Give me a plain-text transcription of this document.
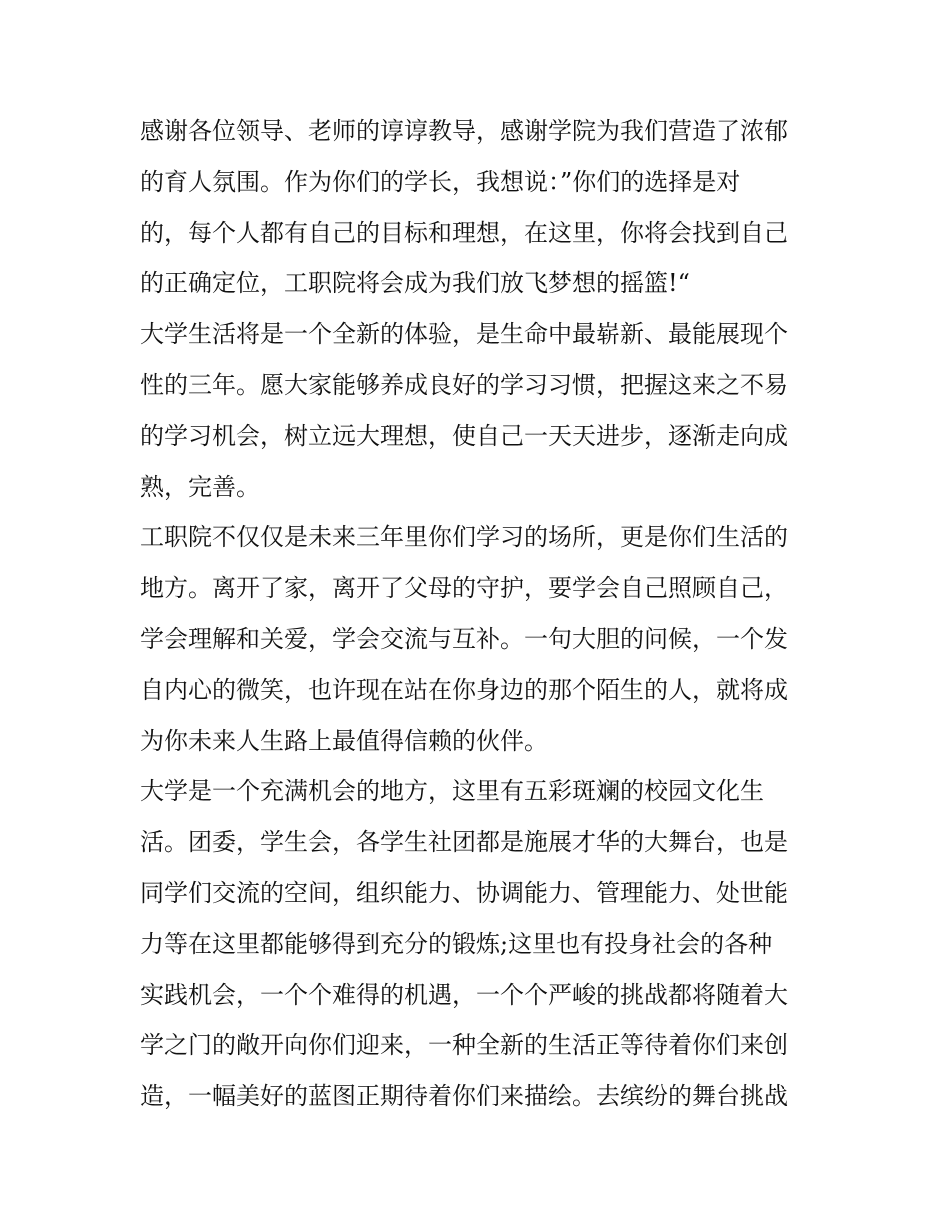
感谢各位领导、老师的谆谆教导，感谢学院为我们营造了浓郁
的育人氛围。作为你们的学长，我想说：”你们的选择是对
的，每个人都有自己的目标和理想，在这里，你将会找到自己
的正确定位，工职院将会成为我们放飞梦想的摇篮!“
大学生活将是一个全新的体验，是生命中最崭新、最能展现个
性的三年。愿大家能够养成良好的学习习惯，把握这来之不易
的学习机会，树立远大理想，使自己一天天进步，逐渐走向成
熟，完善。
工职院不仅仅是未来三年里你们学习的场所，更是你们生活的
地方。离开了家，离开了父母的守护，要学会自己照顾自己，
学会理解和关爱，学会交流与互补。一句大胆的问候，一个发
自内心的微笑，也许现在站在你身边的那个陌生的人，就将成
为你未来人生路上最值得信赖的伙伴。
大学是一个充满机会的地方，这里有五彩斑斓的校园文化生
活。团委，学生会，各学生社团都是施展才华的大舞台，也是
同学们交流的空间，组织能力、协调能力、管理能力、处世能
力等在这里都能够得到充分的锻炼;这里也有投身社会的各种
实践机会，一个个难得的机遇，一个个严峻的挑战都将随着大
学之门的敞开向你们迎来，一种全新的生活正等待着你们来创
造，一幅美好的蓝图正期待着你们来描绘。去缤纷的舞台挑战
